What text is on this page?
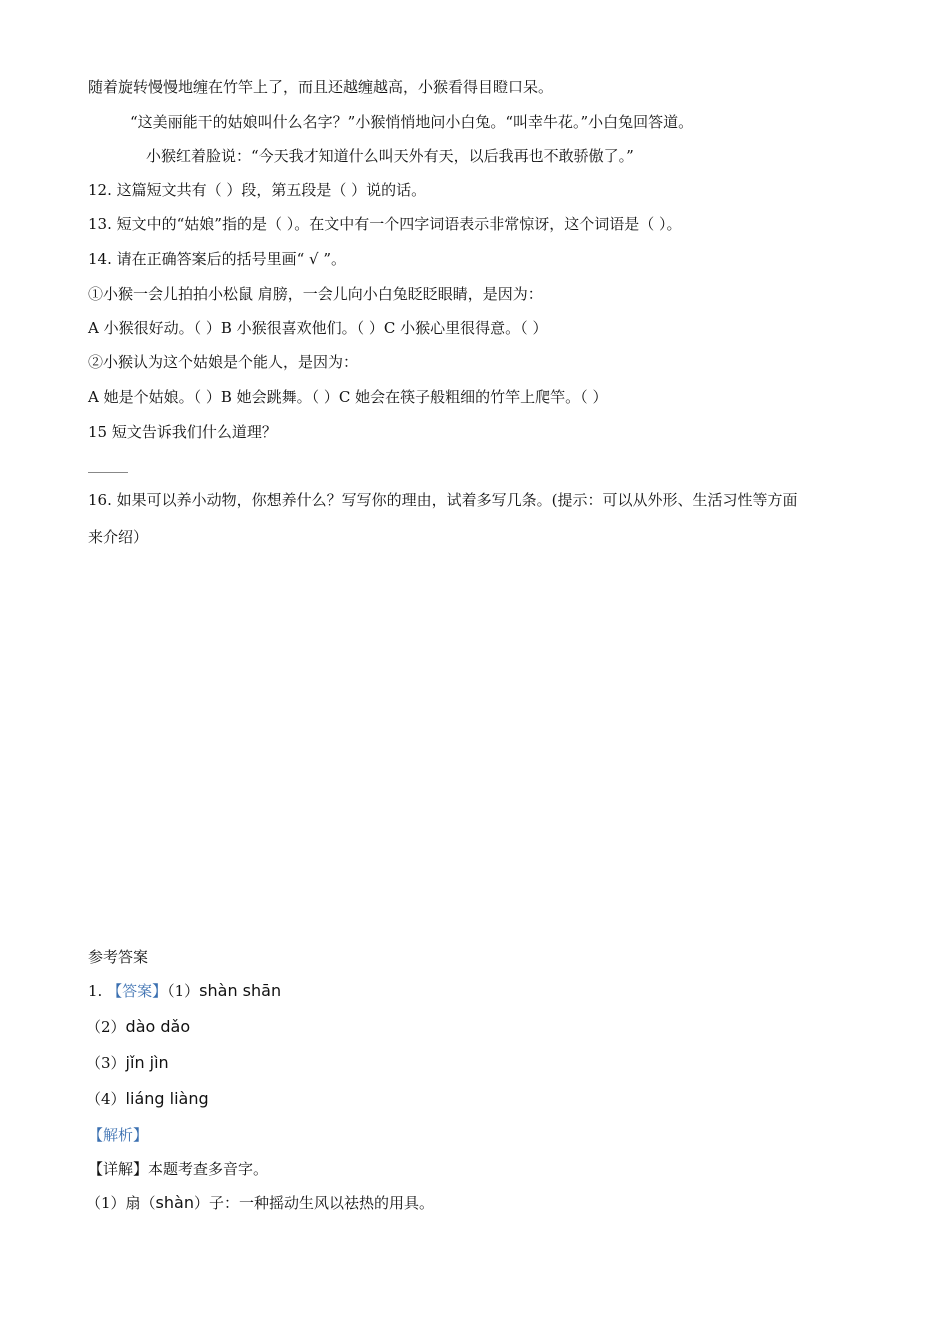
随着旋转慢慢地缠在竹竿上了，而且还越缠越高，小猴看得目瞪口呆。
“这美丽能干的姑娘叫什么名字？”小猴悄悄地问小白兔。“叫幸牛花。”小白兔回答道。
小猴红着脸说：“今天我才知道什么叫天外有天，以后我再也不敢骄傲了。”
12. 这篇短文共有（ ）段，第五段是（ ）说的话。
13. 短文中的“姑娘”指的是（ ）。在文中有一个四字词语表示非常惊讶，这个词语是（ ）。
14. 请在正确答案后的括号里画“ √ ”。
①小猴一会儿拍拍小松鼠 肩膀，一会儿向小白兔眨眨眼睛，是因为：
A 小猴很好动。（ ）B 小猴很喜欢他们。（ ）C 小猴心里很得意。（ ）
②小猴认为这个姑娘是个能人，是因为：
A 她是个姑娘。（ ）B 她会跳舞。（ ）C 她会在筷子般粗细的竹竿上爬竿。（ ）
15 短文告诉我们什么道理？
16. 如果可以养小动物，你想养什么？写写你的理由，试着多写几条。(提示：可以从外形、生活习性等方面
来介绍）
参考答案
1. 【答案】（1）shàn shān
（2）dào dǎo
（3）jǐn jìn
（4）liáng liàng
【解析】
【详解】本题考查多音字。
（1）扇（shàn）子：一种摇动生风以祛热的用具。
